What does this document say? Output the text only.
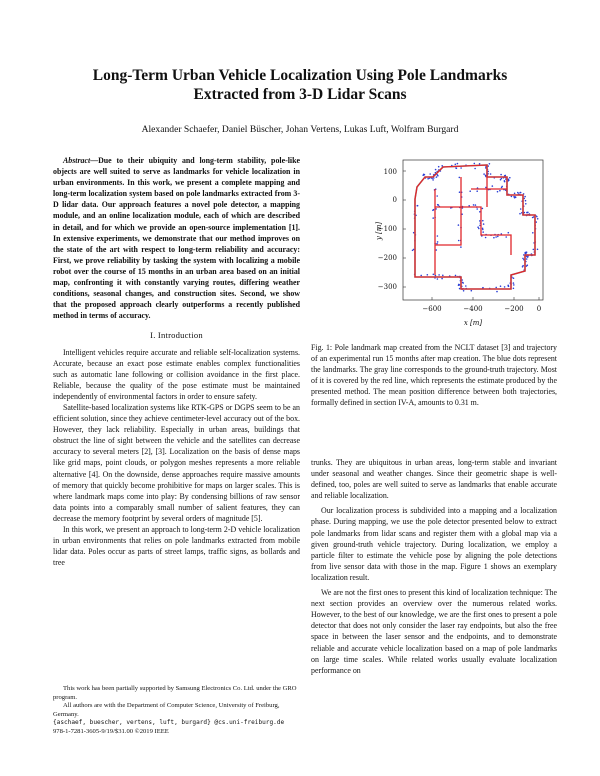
Long-Term Urban Vehicle Localization Using Pole Landmarks
Extracted from 3-D Lidar Scans
Alexander Schaefer, Daniel Büscher, Johan Vertens, Lukas Luft, Wolfram Burgard

Abstract—Due to their ubiquity and long-term stability, pole-like objects are well suited to serve as landmarks for vehicle localization in urban environments. In this work, we present a complete mapping and long-term localization system based on pole landmarks extracted from 3-D lidar data. Our approach features a novel pole detector, a mapping module, and an online localization module, each of which are described in detail, and for which we provide an open-source implementation [1]. In extensive experiments, we demonstrate that our method improves on the state of the art with respect to long-term reliability and accuracy: First, we prove reliability by tasking the system with localizing a mobile robot over the course of 15 months in an urban area based on an initial map, confronting it with constantly varying routes, differing weather conditions, seasonal changes, and construction sites. Second, we show that the proposed approach clearly outperforms a recently published method in terms of accuracy.

I. Introduction

Intelligent vehicles require accurate and reliable self-localization systems. Accurate, because an exact pose estimate enables complex functionalities such as automatic lane following or collision avoidance in the first place. Reliable, because the quality of the pose estimate must be maintained independently of environmental factors in order to ensure safety.

Satellite-based localization systems like RTK-GPS or DGPS seem to be an efficient solution, since they achieve centimeter-level accuracy out of the box. However, they lack reliability. Especially in urban areas, buildings that obstruct the line of sight between the vehicle and the satellites can decrease accuracy to several meters [2], [3]. Localization on the basis of dense maps like grid maps, point clouds, or polygon meshes represents a more reliable alternative [4]. On the downside, dense approaches require massive amounts of memory that quickly become prohibitive for maps on larger scales. This is where landmark maps come into play: By condensing billions of raw sensor data points into a comparably small number of salient features, they can decrease the memory footprint by several orders of magnitude [5].

In this work, we present an approach to long-term 2-D vehicle localization in urban environments that relies on pole landmarks extracted from mobile lidar data. Poles occur as parts of street lamps, traffic signs, as bollards and tree

This work has been partially supported by Samsung Electronics Co. Ltd. under the GRO program.

All authors are with the Department of Computer Science, University of Freiburg, Germany.

{aschaef, buescher, vertens, luft, burgard} @cs.uni-freiburg.de
978-1-7281-3605-9/19/$31.00 ©2019 IEEE
100
0
−100
−200
−300
−600	−400	−200 0
x [m]
y [m]
Fig. 1: Pole landmark map created from the NCLT dataset [3] and trajectory of an experimental run 15 months after map creation. The blue dots represent the landmarks. The gray line corresponds to the ground-truth trajectory. Most of it is covered by the red line, which represents the estimate produced by the presented method. The mean position difference between both trajectories, formally defined in section IV-A, amounts to 0.31 m.

trunks. They are ubiquitous in urban areas, long-term stable and invariant under seasonal and weather changes. Since their geometric shape is well-defined, too, poles are well suited to serve as landmarks that enable accurate and reliable localization.

Our localization process is subdivided into a mapping and a localization phase. During mapping, we use the pole detector presented below to extract pole landmarks from lidar scans and register them with a global map via a given ground-truth vehicle trajectory. During localization, we employ a particle filter to estimate the vehicle pose by aligning the pole detections from live sensor data with those in the map. Figure 1 shows an exemplary localization result.

We are not the first ones to present this kind of localization technique: The next section provides an overview over the numerous related works. However, to the best of our knowledge, we are the first ones to present a pole detector that does not only consider the laser ray endpoints, but also the free space in between the laser sensor and the endpoints, and to demonstrate reliable and accurate vehicle localization based on a map of pole landmarks on large time scales. While related works usually evaluate localization performance on
